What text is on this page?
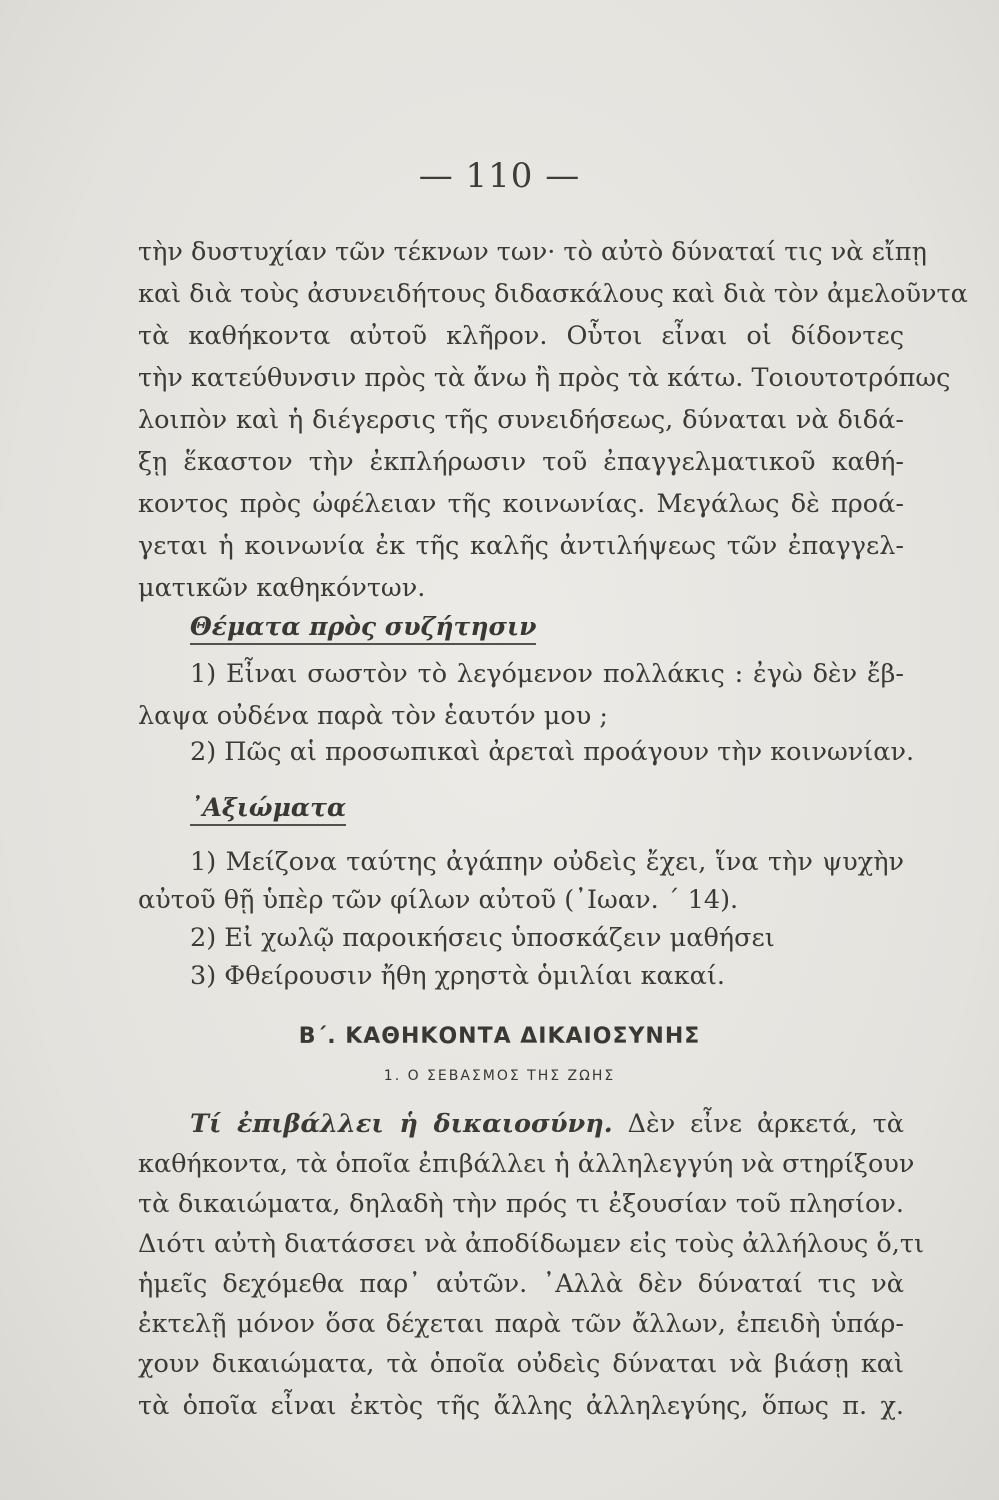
— 110 —
τὴν δυστυχίαν τῶν τέκνων των· τὸ αὐτὸ δύναταί τις νὰ εἴπῃ
καὶ διὰ τοὺς ἀσυνειδήτους διδασκάλους καὶ διὰ τὸν ἀμελοῦντα
τὰ καθήκοντα αὐτοῦ κλῆρον. Οὗτοι εἶναι οἱ δίδοντες
τὴν κατεύθυνσιν πρὸς τὰ ἄνω ἢ πρὸς τὰ κάτω. Τοιουτοτρόπως
λοιπὸν καὶ ἡ διέγερσις τῆς συνειδήσεως, δύναται νὰ διδά-
ξῃ ἕκαστον τὴν ἐκπλήρωσιν τοῦ ἐπαγγελματικοῦ καθή-
κοντος πρὸς ὠφέλειαν τῆς κοινωνίας. Μεγάλως δὲ προά-
γεται ἡ κοινωνία ἐκ τῆς καλῆς ἀντιλήψεως τῶν ἐπαγγελ-
ματικῶν καθηκόντων.
Θέματα πρὸς συζήτησιν
1) Εἶναι σωστὸν τὸ λεγόμενον πολλάκις : ἐγὼ δὲν ἔβ-
λαψα οὐδένα παρὰ τὸν ἑαυτόν μου ;
2) Πῶς αἱ προσωπικαὶ ἀρεταὶ προάγουν τὴν κοινωνίαν.
᾿Αξιώματα
1) Μείζονα ταύτης ἀγάπην οὐδεὶς ἔχει, ἵνα τὴν ψυχὴν
αὐτοῦ θῇ ὑπὲρ τῶν φίλων αὐτοῦ (᾿Ιωαν. ΄ 14).
2) Εἰ χωλῷ παροικήσεις ὑποσκάζειν μαθήσει
3) Φθείρουσιν ἤθη χρηστὰ ὁμιλίαι κακαί.
Β΄. ΚΑΘΗΚΟΝΤΑ ΔΙΚΑΙΟΣΥΝΗΣ
1. Ο ΣΕΒΑΣΜΟΣ ΤΗΣ ΖΩΗΣ
Τί ἐπιβάλλει ἡ δικαιοσύνη. Δὲν εἶνε ἀρκετά, τὰ
καθήκοντα, τὰ ὁποῖα ἐπιβάλλει ἡ ἀλληλεγγύη νὰ στηρίξουν
τὰ δικαιώματα, δηλαδὴ τὴν πρός τι ἐξουσίαν τοῦ πλησίον.
Διότι αὐτὴ διατάσσει νὰ ἀποδίδωμεν εἰς τοὺς ἀλλήλους ὅ,τι
ἡμεῖς δεχόμεθα παρ᾿ αὐτῶν. ᾿Αλλὰ δὲν δύναταί τις νὰ
ἐκτελῇ μόνον ὅσα δέχεται παρὰ τῶν ἄλλων, ἐπειδὴ ὑπάρ-
χουν δικαιώματα, τὰ ὁποῖα οὐδεὶς δύναται νὰ βιάσῃ καὶ
τὰ ὁποῖα εἶναι ἐκτὸς τῆς ἄλλης ἀλληλεγύης, ὅπως π. χ.
